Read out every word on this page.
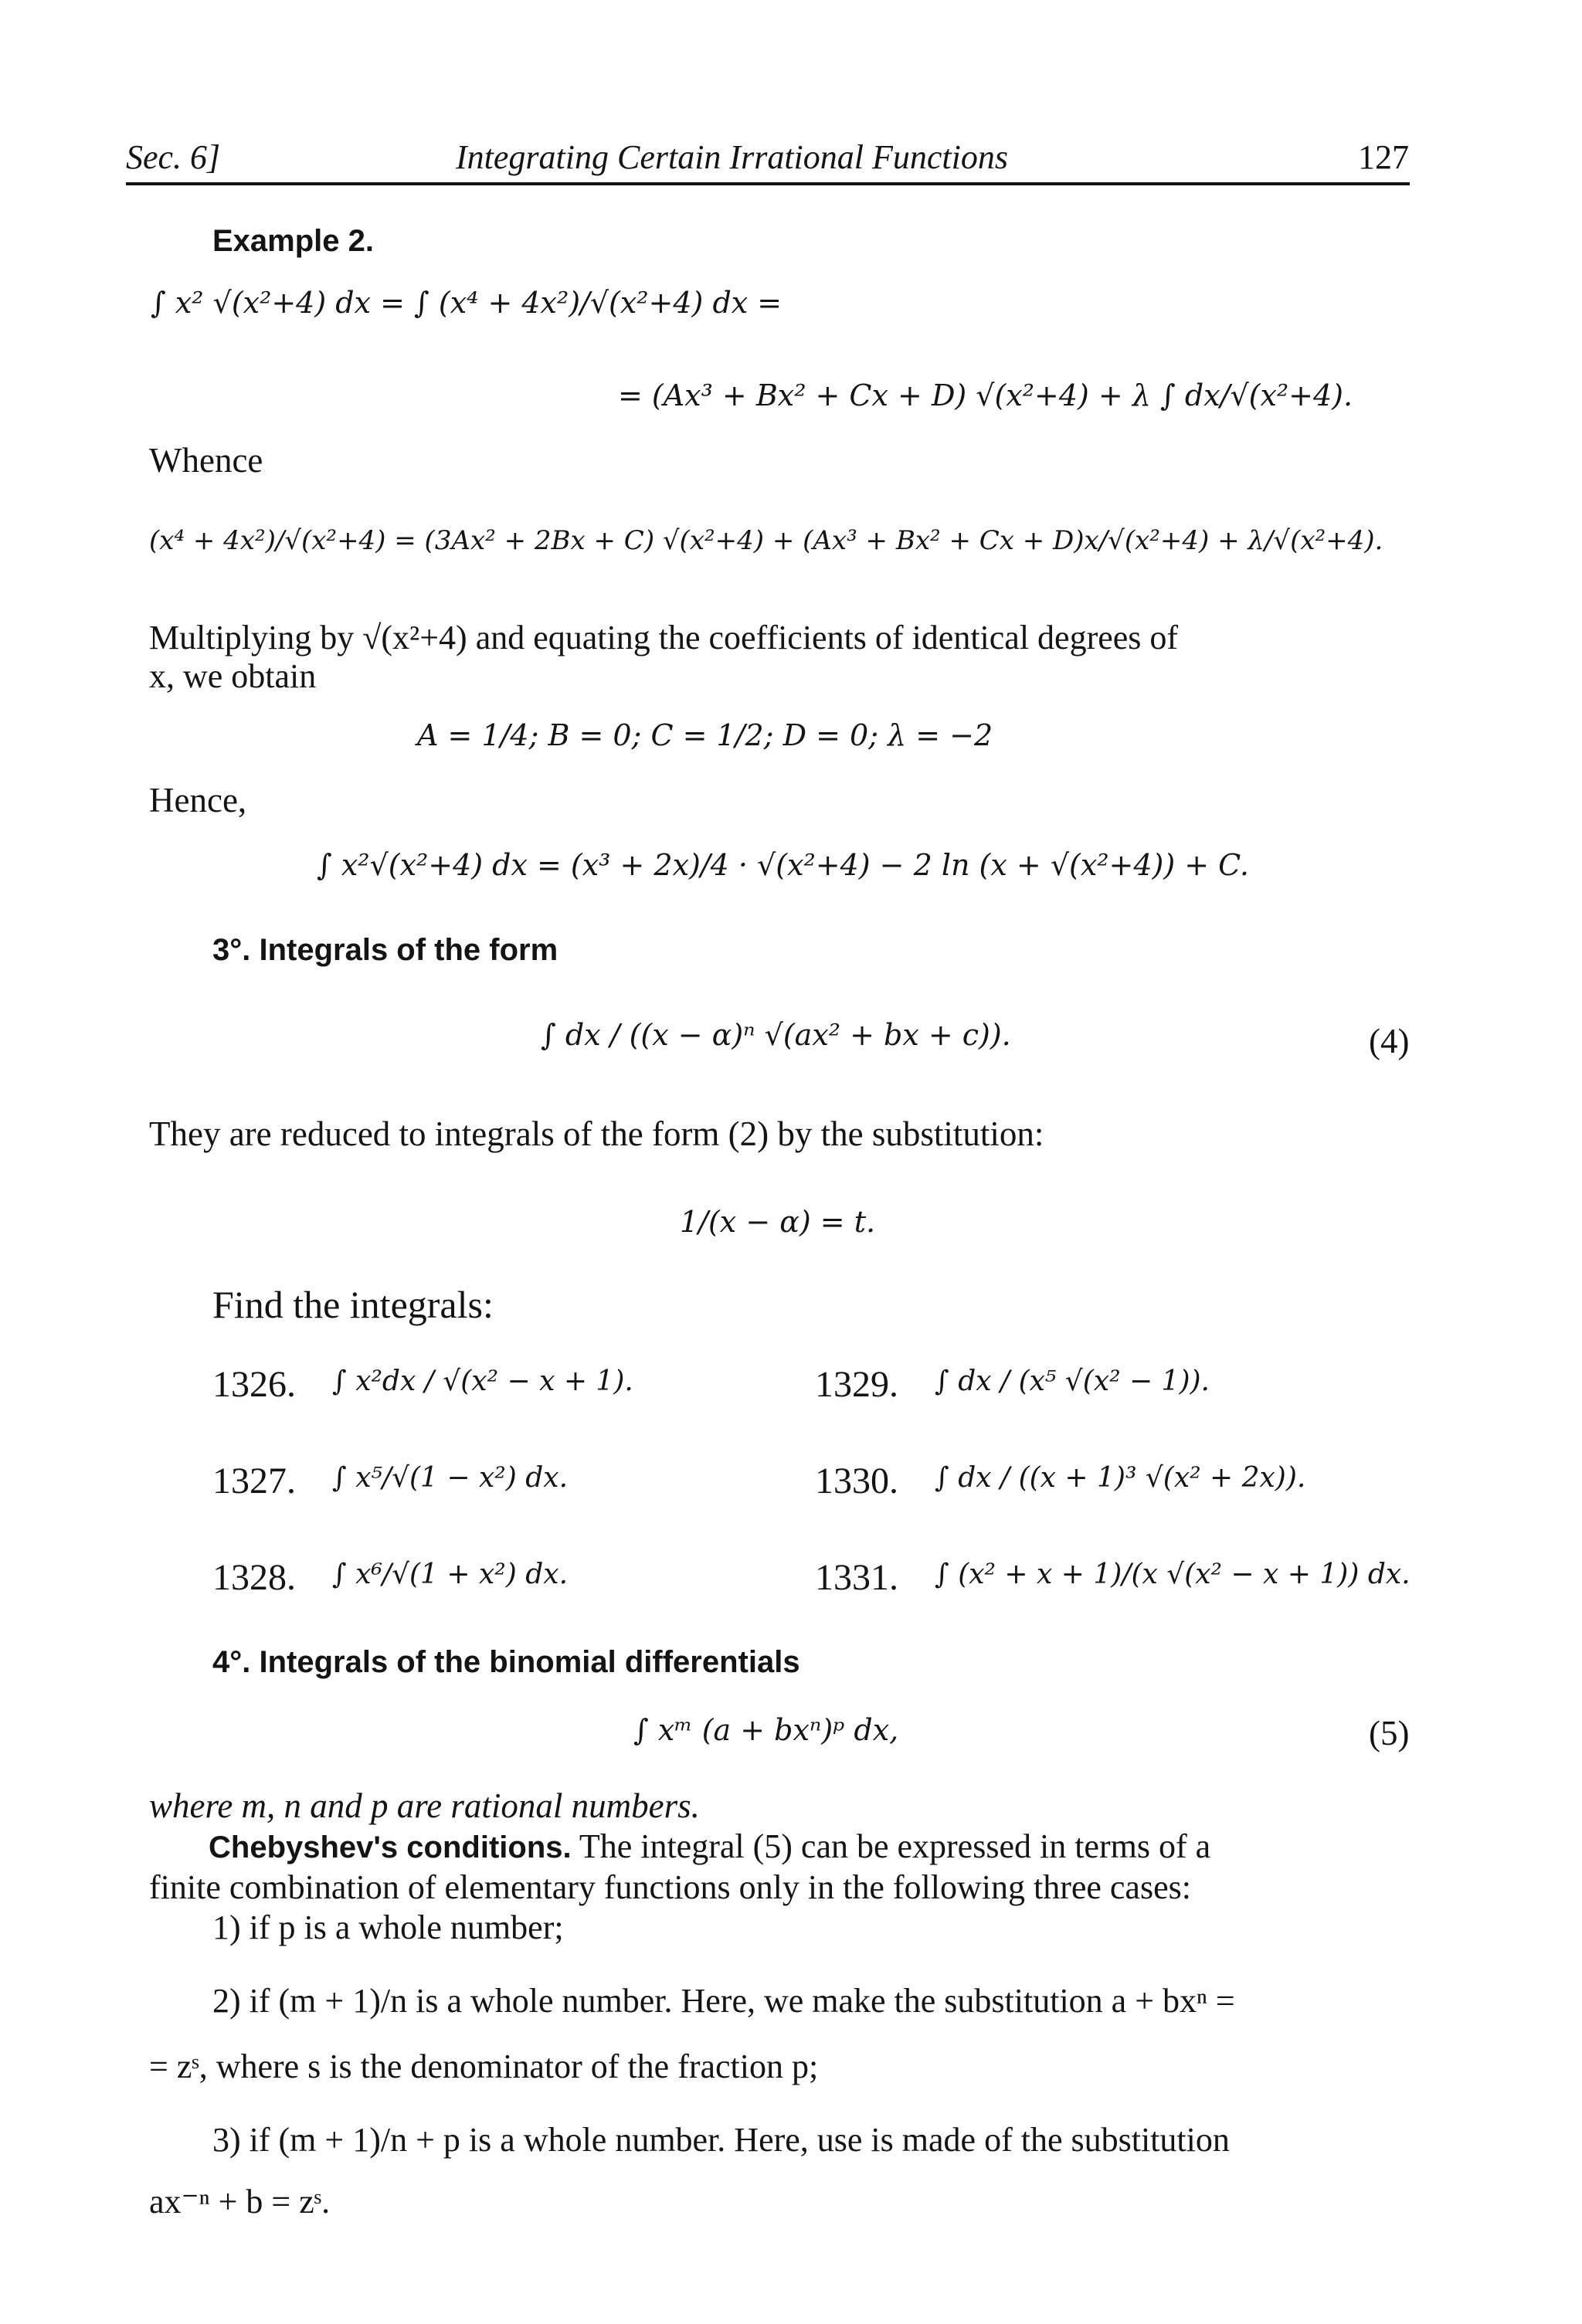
Sec. 6]	Integrating Certain Irrational Functions	127
Example 2.
∫ x² √(x²+4) dx = ∫ (x⁴ + 4x²)/√(x²+4) dx =
= (Ax³ + Bx² + Cx + D) √(x²+4) + λ ∫ dx/√(x²+4).
Whence
(x⁴ + 4x²)/√(x²+4) = (3Ax² + 2Bx + C) √(x²+4) + (Ax³ + Bx² + Cx + D)x/√(x²+4) + λ/√(x²+4).
Multiplying by √(x²+4) and equating the coefficients of identical degrees of
x, we obtain
A = 1/4; B = 0; C = 1/2; D = 0; λ = −2
Hence,
∫ x²√(x²+4) dx = (x³ + 2x)/4 · √(x²+4) − 2 ln (x + √(x²+4)) + C.
3°. Integrals of the form
∫ dx / ((x − α)ⁿ √(ax² + bx + c)).	(4)
They are reduced to integrals of the form (2) by the substitution:
1/(x − α) = t.
Find the integrals:
1326. ∫ x²dx / √(x² − x + 1).	1329. ∫ dx / (x⁵ √(x² − 1)).
1327. ∫ x⁵/√(1 − x²) dx.	1330. ∫ dx / ((x + 1)³ √(x² + 2x)).
1328. ∫ x⁶/√(1 + x²) dx.	1331. ∫ (x² + x + 1)/(x √(x² − x + 1)) dx.
4°. Integrals of the binomial differentials
∫ xᵐ (a + bxⁿ)ᵖ dx,	(5)
where m, n and p are rational numbers.
Chebyshev's conditions. The integral (5) can be expressed in terms of a
finite combination of elementary functions only in the following three cases:
1) if p is a whole number;
2) if (m + 1)/n is a whole number. Here, we make the substitution a + bxⁿ =
= zˢ, where s is the denominator of the fraction p;
3) if (m + 1)/n + p is a whole number. Here, use is made of the substitution
ax⁻ⁿ + b = zˢ.
